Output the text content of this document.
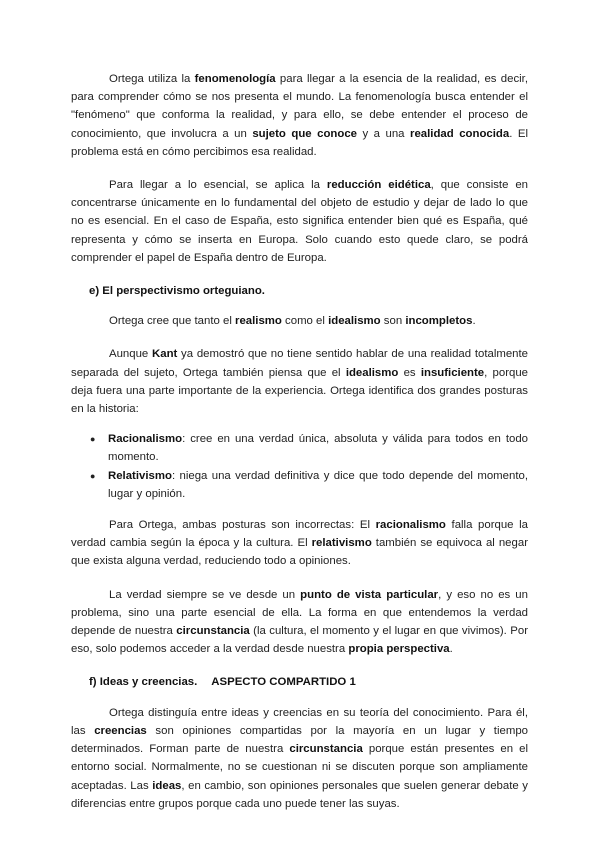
Ortega utiliza la fenomenología para llegar a la esencia de la realidad, es decir, para comprender cómo se nos presenta el mundo. La fenomenología busca entender el "fenómeno" que conforma la realidad, y para ello, se debe entender el proceso de conocimiento, que involucra a un sujeto que conoce y a una realidad conocida. El problema está en cómo percibimos esa realidad.

Para llegar a lo esencial, se aplica la reducción eidética, que consiste en concentrarse únicamente en lo fundamental del objeto de estudio y dejar de lado lo que no es esencial. En el caso de España, esto significa entender bien qué es España, qué representa y cómo se inserta en Europa. Solo cuando esto quede claro, se podrá comprender el papel de España dentro de Europa.

e) El perspectivismo orteguiano.

Ortega cree que tanto el realismo como el idealismo son incompletos.

Aunque Kant ya demostró que no tiene sentido hablar de una realidad totalmente separada del sujeto, Ortega también piensa que el idealismo es insuficiente, porque deja fuera una parte importante de la experiencia. Ortega identifica dos grandes posturas en la historia:

● Racionalismo: cree en una verdad única, absoluta y válida para todos en todo momento.
● Relativismo: niega una verdad definitiva y dice que todo depende del momento, lugar y opinión.

Para Ortega, ambas posturas son incorrectas: El racionalismo falla porque la verdad cambia según la época y la cultura. El relativismo también se equivoca al negar que exista alguna verdad, reduciendo todo a opiniones.

La verdad siempre se ve desde un punto de vista particular, y eso no es un problema, sino una parte esencial de ella. La forma en que entendemos la verdad depende de nuestra circunstancia (la cultura, el momento y el lugar en que vivimos). Por eso, solo podemos acceder a la verdad desde nuestra propia perspectiva.

f) Ideas y creencias. ASPECTO COMPARTIDO 1

Ortega distinguía entre ideas y creencias en su teoría del conocimiento. Para él, las creencias son opiniones compartidas por la mayoría en un lugar y tiempo determinados. Forman parte de nuestra circunstancia porque están presentes en el entorno social. Normalmente, no se cuestionan ni se discuten porque son ampliamente aceptadas. Las ideas, en cambio, son opiniones personales que suelen generar debate y diferencias entre grupos porque cada uno puede tener las suyas.
